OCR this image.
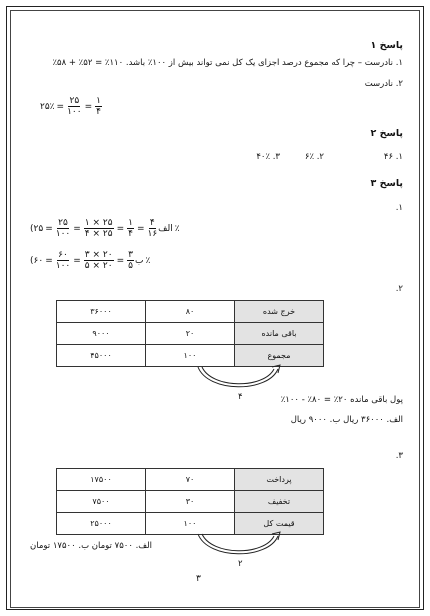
پاسخ ۱
۱. نادرست – چرا که مجموع درصد اجزای یک کل نمی تواند بیش از ۱۰۰٪ باشد. ۱۱۰٪ = ۵۲٪ + ۵۸٪
۲. نادرست
۲۵٪ =
۲۵
۱۰۰
=
۱
۴
پاسخ ۲
۱. ۴۶
۲. ۶٪
۳. ۴۰٪
پاسخ ۳
۱.
(الف
۴
۱۶
=
۱
۴
=
۱ × ۲۵
۴ × ۲۵
=
۲۵
۱۰۰
=۲۵٪
(ب
۳
۵
=
۳ × ۲۰
۵ × ۲۰
=
۶۰
۱۰۰
=۶۰٪
۲.
خرج شده	۸۰	۳۶۰۰۰
باقی مانده	۲۰	۹۰۰۰
مجموع	۱۰۰	۴۵۰۰۰
۴	پول باقی مانده ۲۰٪ = ۸۰٪ - ۱۰۰٪
الف. ۳۶۰۰۰ ریال ب. ۹۰۰۰ ریال
۳.
پرداخت	۷۰	۱۷۵۰۰
تخفیف	۳۰	۷۵۰۰
قیمت کل	۱۰۰	۲۵۰۰۰
۲
الف. ۷۵۰۰ تومان ب. ۱۷۵۰۰ تومان
۳
